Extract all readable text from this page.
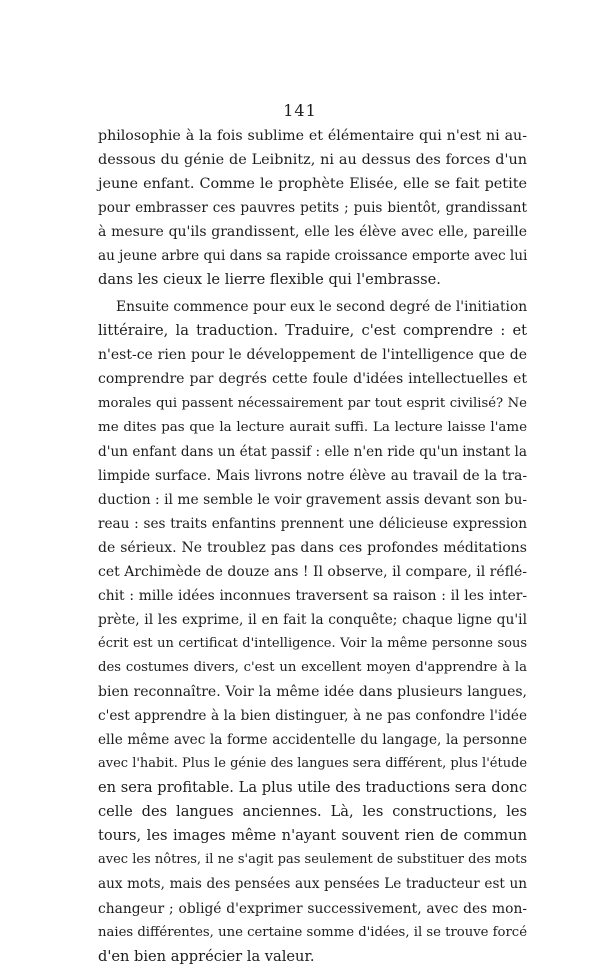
141
philosophie à la fois sublime et élémentaire qui n'est ni au-
dessous du génie de Leibnitz, ni au dessus des forces d'un
jeune enfant. Comme le prophète Elisée, elle se fait petite
pour embrasser ces pauvres petits ; puis bientôt, grandissant
à mesure qu'ils grandissent, elle les élève avec elle, pareille
au jeune arbre qui dans sa rapide croissance emporte avec lui
dans les cieux le lierre flexible qui l'embrasse.
Ensuite commence pour eux le second degré de l'initiation
littéraire, la traduction. Traduire, c'est comprendre : et
n'est-ce rien pour le développement de l'intelligence que de
comprendre par degrés cette foule d'idées intellectuelles et
morales qui passent nécessairement par tout esprit civilisé? Ne
me dites pas que la lecture aurait suffi. La lecture laisse l'ame
d'un enfant dans un état passif : elle n'en ride qu'un instant la
limpide surface. Mais livrons notre élève au travail de la tra-
duction : il me semble le voir gravement assis devant son bu-
reau : ses traits enfantins prennent une délicieuse expression
de sérieux. Ne troublez pas dans ces profondes méditations
cet Archimède de douze ans ! Il observe, il compare, il réflé-
chit : mille idées inconnues traversent sa raison : il les inter-
prète, il les exprime, il en fait la conquête; chaque ligne qu'il
écrit est un certificat d'intelligence. Voir la même personne sous
des costumes divers, c'est un excellent moyen d'apprendre à la
bien reconnaître. Voir la même idée dans plusieurs langues,
c'est apprendre à la bien distinguer, à ne pas confondre l'idée
elle même avec la forme accidentelle du langage, la personne
avec l'habit. Plus le génie des langues sera différent, plus l'étude
en sera profitable. La plus utile des traductions sera donc
celle des langues anciennes. Là, les constructions, les
tours, les images même n'ayant souvent rien de commun
avec les nôtres, il ne s'agit pas seulement de substituer des mots
aux mots, mais des pensées aux pensées Le traducteur est un
changeur ; obligé d'exprimer successivement, avec des mon-
naies différentes, une certaine somme d'idées, il se trouve forcé
d'en bien apprécier la valeur.
